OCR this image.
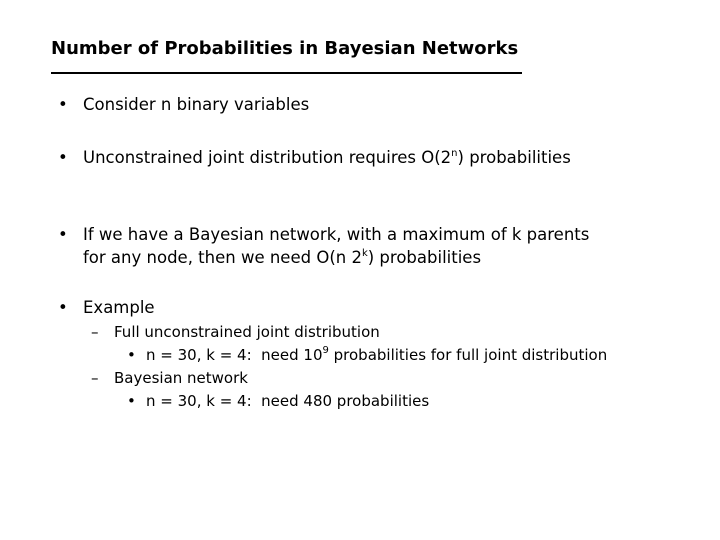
Number of Probabilities in Bayesian Networks
• Consider n binary variables
• Unconstrained joint distribution requires O(2$^n$) probabilities
• If we have a Bayesian network, with a maximum of k parents
for any node, then we need O(n 2$^k$) probabilities
• Example
– Full unconstrained joint distribution
• n = 30, k = 4:  need $10^9$ probabilities for full joint distribution
– Bayesian network
• n = 30, k = 4:  need 480 probabilities
